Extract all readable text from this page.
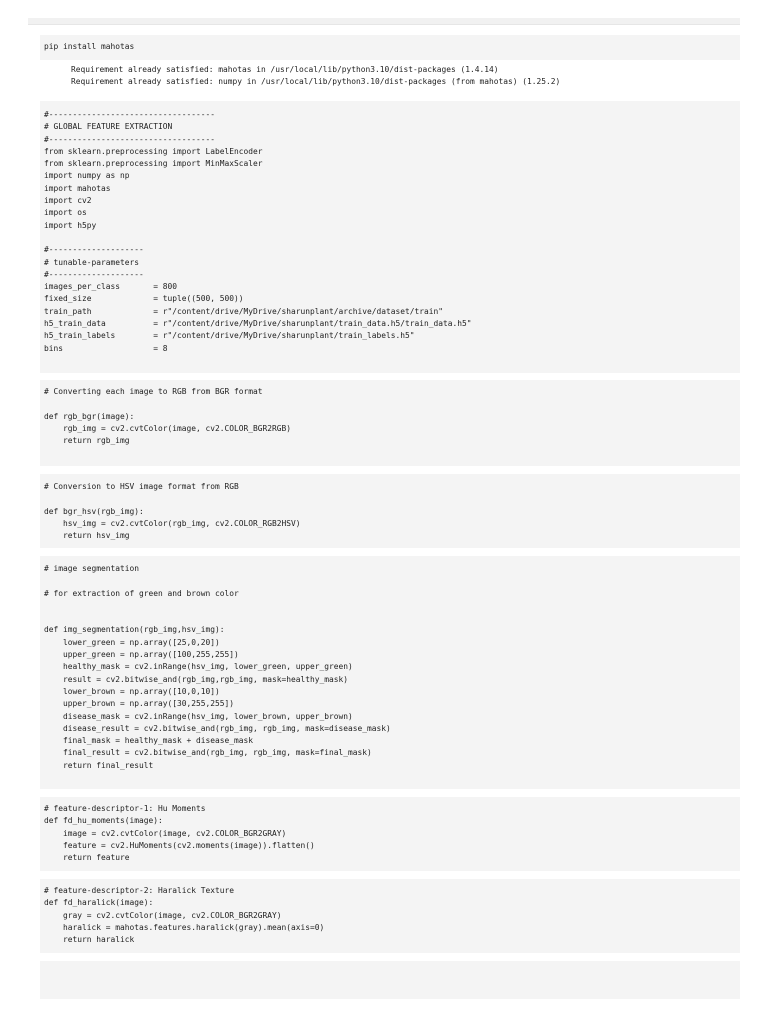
pip install mahotas
Requirement already satisfied: mahotas in /usr/local/lib/python3.10/dist-packages (1.4.14)
Requirement already satisfied: numpy in /usr/local/lib/python3.10/dist-packages (from mahotas) (1.25.2)
#-----------------------------------
# GLOBAL FEATURE EXTRACTION
#-----------------------------------
from sklearn.preprocessing import LabelEncoder
from sklearn.preprocessing import MinMaxScaler
import numpy as np
import mahotas
import cv2
import os
import h5py

#--------------------
# tunable-parameters
#--------------------
images_per_class       = 800
fixed_size             = tuple((500, 500))
train_path             = r"/content/drive/MyDrive/sharunplant/archive/dataset/train"
h5_train_data          = r"/content/drive/MyDrive/sharunplant/train_data.h5/train_data.h5"
h5_train_labels        = r"/content/drive/MyDrive/sharunplant/train_labels.h5"
bins                   = 8
# Converting each image to RGB from BGR format

def rgb_bgr(image):
rgb_img = cv2.cvtColor(image, cv2.COLOR_BGR2RGB)
return rgb_img
# Conversion to HSV image format from RGB

def bgr_hsv(rgb_img):
hsv_img = cv2.cvtColor(rgb_img, cv2.COLOR_RGB2HSV)
return hsv_img
# image segmentation

# for extraction of green and brown color

def img_segmentation(rgb_img,hsv_img):
lower_green = np.array([25,0,20])
upper_green = np.array([100,255,255])
healthy_mask = cv2.inRange(hsv_img, lower_green, upper_green)
result = cv2.bitwise_and(rgb_img,rgb_img, mask=healthy_mask)
lower_brown = np.array([10,0,10])
upper_brown = np.array([30,255,255])
disease_mask = cv2.inRange(hsv_img, lower_brown, upper_brown)
disease_result = cv2.bitwise_and(rgb_img, rgb_img, mask=disease_mask)
final_mask = healthy_mask + disease_mask
final_result = cv2.bitwise_and(rgb_img, rgb_img, mask=final_mask)
return final_result
# feature-descriptor-1: Hu Moments
def fd_hu_moments(image):
image = cv2.cvtColor(image, cv2.COLOR_BGR2GRAY)
feature = cv2.HuMoments(cv2.moments(image)).flatten()
return feature
# feature-descriptor-2: Haralick Texture
def fd_haralick(image):
gray = cv2.cvtColor(image, cv2.COLOR_BGR2GRAY)
haralick = mahotas.features.haralick(gray).mean(axis=0)
return haralick
